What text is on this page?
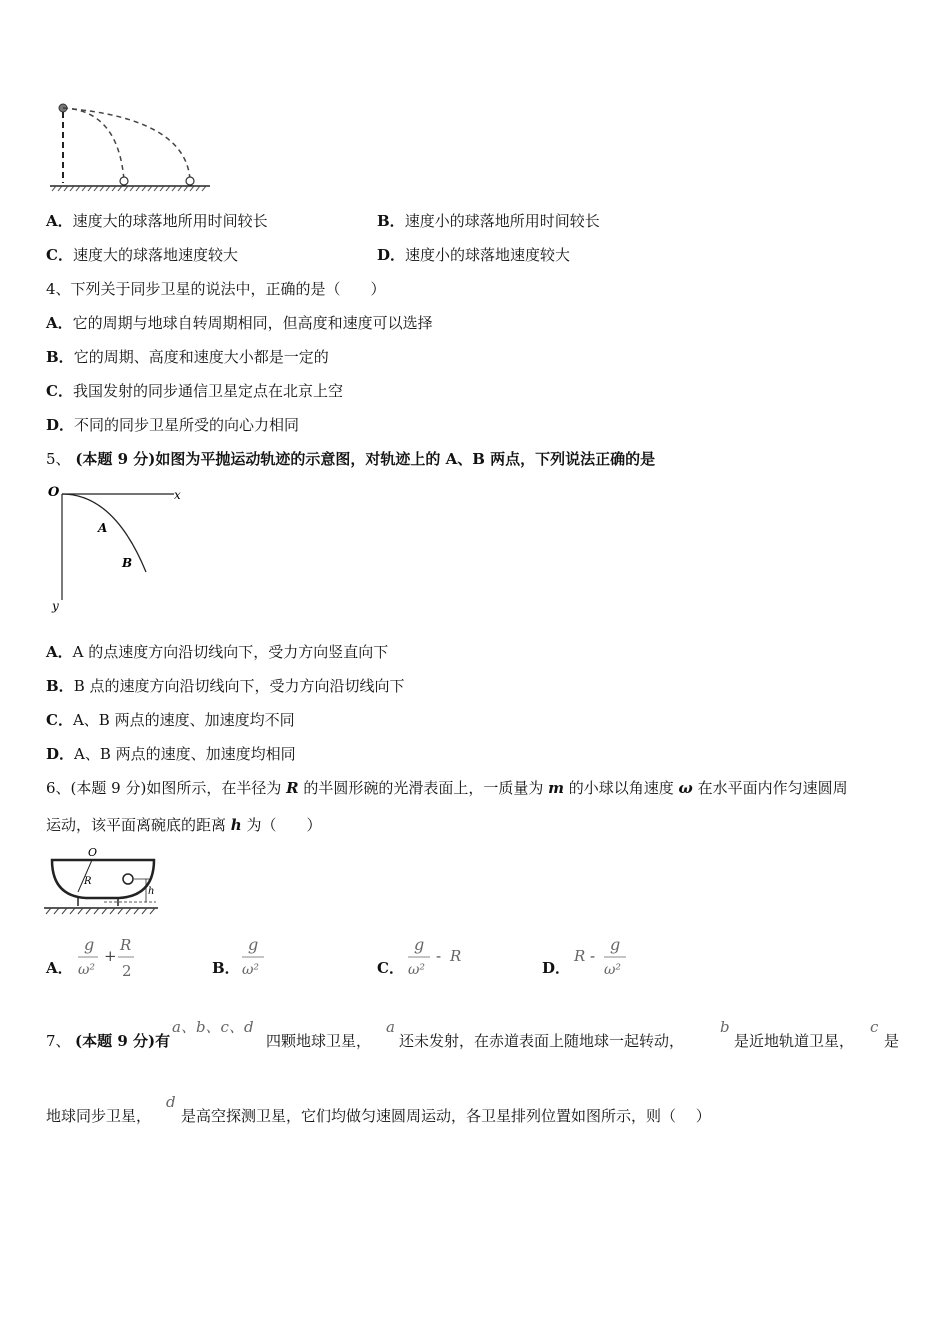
A．速度大的球落地所用时间较长	B．速度小的球落地所用时间较长
C．速度大的球落地速度较大	D．速度小的球落地速度较大
4、下列关于同步卫星的说法中，正确的是（　　）
A．它的周期与地球自转周期相同，但高度和速度可以选择
B．它的周期、高度和速度大小都是一定的
C．我国发射的同步通信卫星定点在北京上空
D．不同的同步卫星所受的向心力相同
5、 (本题 9 分)如图为平抛运动轨迹的示意图，对轨迹上的 A、B 两点，下列说法正确的是
O	x
y
A
B
A．A 的点速度方向沿切线向下，受力方向竖直向下
B．B 点的速度方向沿切线向下，受力方向沿切线向下
C．A、B 两点的速度、加速度均不同
D．A、B 两点的速度、加速度均相同
6、(本题 9 分)如图所示，在半径为 R 的半圆形碗的光滑表面上，一质量为 m 的小球以角速度 ω 在水平面内作匀速圆周
运动，该平面离碗底的距离 h 为（　　）
O
R
h
A．
g
ω²
+
R
2	B．
g
ω²	C．
g
ω²
- R
D．
R -
g
ω²
7、 (本题 9 分)有
a、b、c、d
四颗地球卫星，
a
还未发射，在赤道表面上随地球一起转动，
b
是近地轨道卫星，
c
是
地球同步卫星，
d
是高空探测卫星，它们均做匀速圆周运动，各卫星排列位置如图所示，则（　 ）
